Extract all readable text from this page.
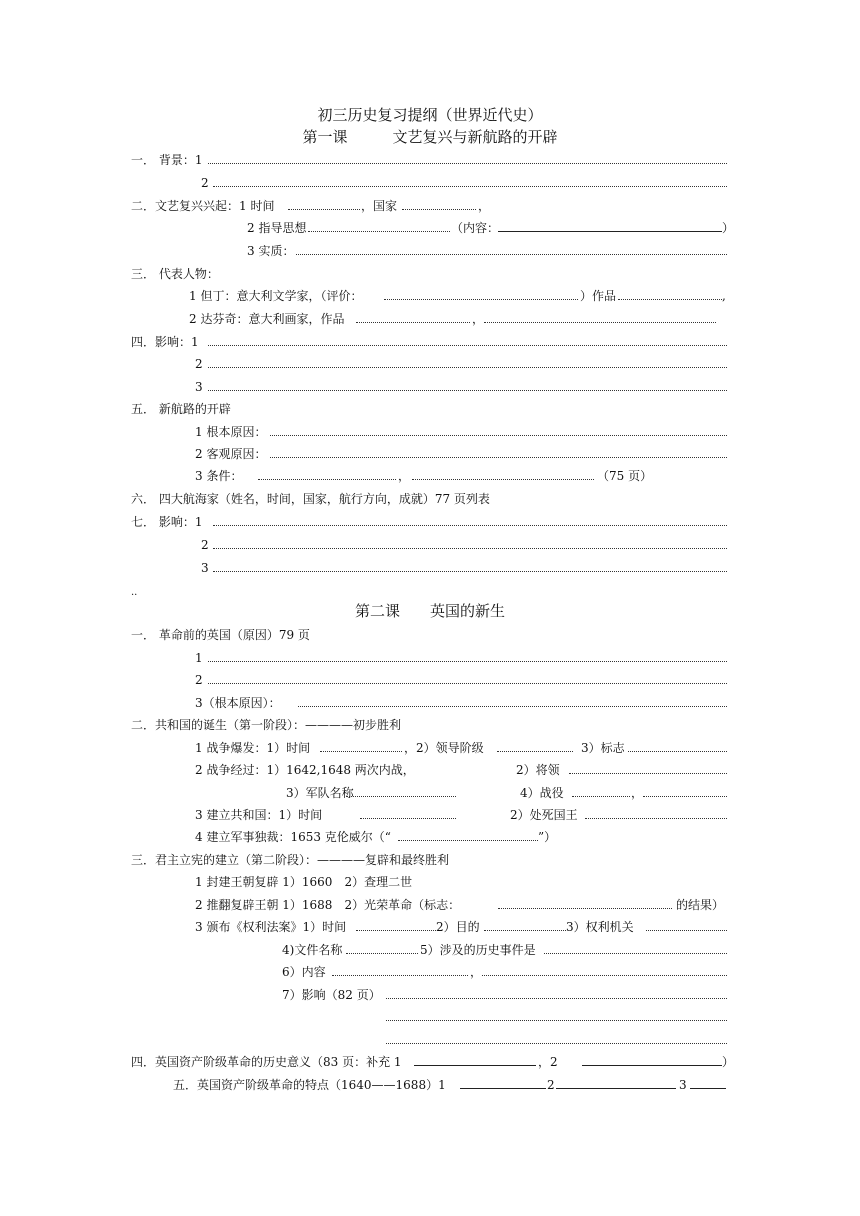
初三历史复习提纲（世界近代史）
第一课　　　文艺复兴与新航路的开辟
一． 背景：1
2
二．文艺复兴兴起：1 时间	，国家	，
2 指导思想	（内容：	）
3 实质：
三． 代表人物：
1 但丁：意大利文学家，（评价：	）作品	,
2 达芬奇：意大利画家，作品	，
四．影响：1
2
3
五． 新航路的开辟
1 根本原因：
2 客观原因：
3 条件：	，	（75 页）
六． 四大航海家（姓名，时间，国家，航行方向，成就）77 页列表
七． 影响：1
2
3
..
第二课　　英国的新生
一． 革命前的英国（原因）79 页
1
2
3（根本原因）：
二．共和国的诞生（第一阶段）：————初步胜利
1 战争爆发：1）时间	，2）领导阶级	3）标志
2 战争经过：1）1642,1648 两次内战，	2）将领
3）军队名称	4）战役	，
3 建立共和国：1）时间	2）处死国王
4 建立军事独裁：1653 克伦威尔（“	”）
三．君主立宪的建立（第二阶段）：————复辟和最终胜利
1 封建王朝复辟 1）1660　2）查理二世
2 推翻复辟王朝 1）1688　2）光荣革命（标志：	的结果）
3 颁布《权利法案》1）时间	2）目的	3）权利机关
4)文件名称	5）涉及的历史事件是
6）内容	，
7）影响（82 页）
四．英国资产阶级革命的历史意义（83 页：补充 1	，2	）
五．英国资产阶级革命的特点（1640——1688）1	2	3
